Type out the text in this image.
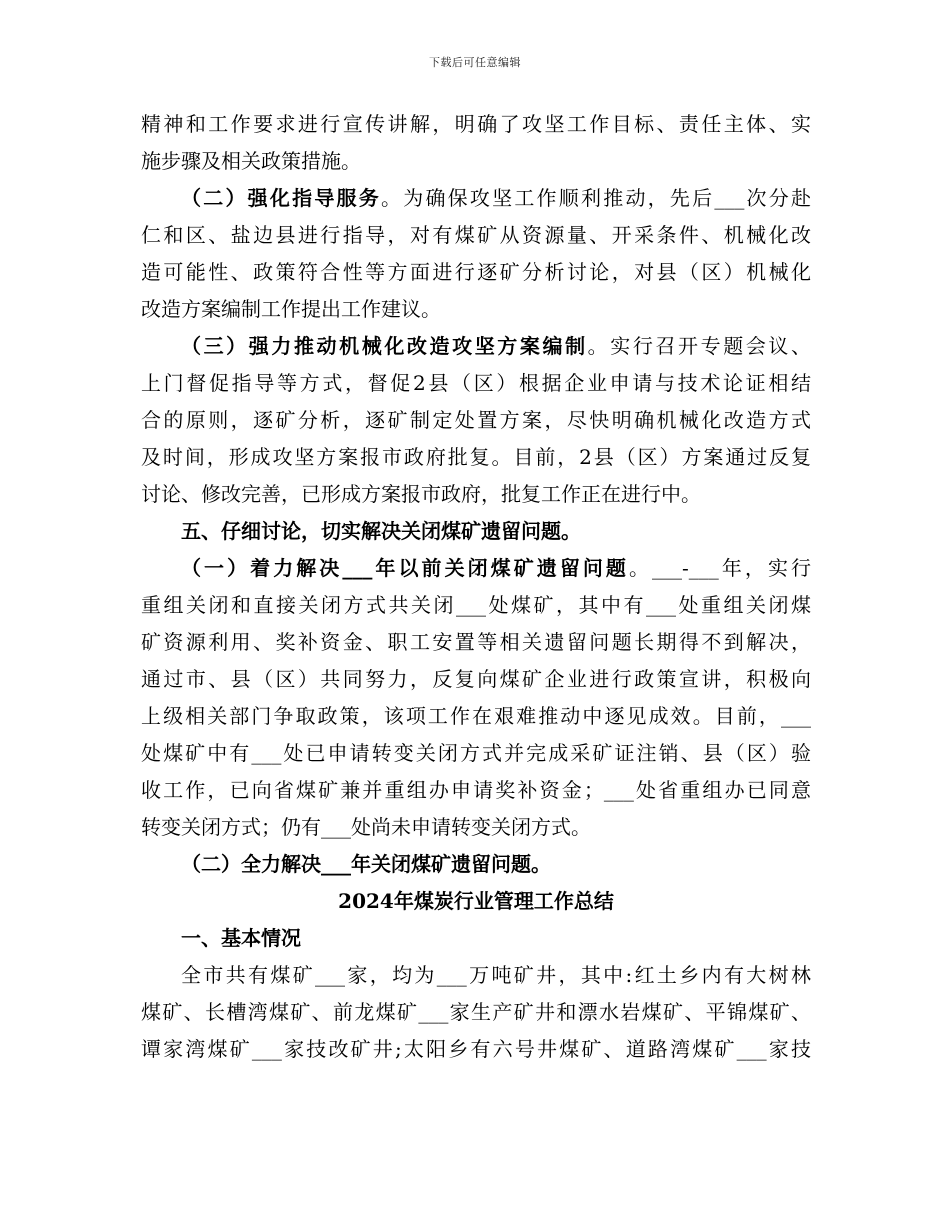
下载后可任意编辑
精神和工作要求进行宣传讲解，明确了攻坚工作目标、责任主体、实
施步骤及相关政策措施。
（二）强化指导服务。为确保攻坚工作顺利推动，先后___次分赴
仁和区、盐边县进行指导，对有煤矿从资源量、开采条件、机械化改
造可能性、政策符合性等方面进行逐矿分析讨论，对县（区）机械化
改造方案编制工作提出工作建议。
（三）强力推动机械化改造攻坚方案编制。实行召开专题会议、
上门督促指导等方式，督促2县（区）根据企业申请与技术论证相结
合的原则，逐矿分析，逐矿制定处置方案，尽快明确机械化改造方式
及时间，形成攻坚方案报市政府批复。目前，2县（区）方案通过反复
讨论、修改完善，已形成方案报市政府，批复工作正在进行中。
五、仔细讨论，切实解决关闭煤矿遗留问题。
（一）着力解决___年以前关闭煤矿遗留问题。___-___年，实行
重组关闭和直接关闭方式共关闭___处煤矿，其中有___处重组关闭煤
矿资源利用、奖补资金、职工安置等相关遗留问题长期得不到解决，
通过市、县（区）共同努力，反复向煤矿企业进行政策宣讲，积极向
上级相关部门争取政策，该项工作在艰难推动中逐见成效。目前，___
处煤矿中有___处已申请转变关闭方式并完成采矿证注销、县（区）验
收工作，已向省煤矿兼并重组办申请奖补资金；___处省重组办已同意
转变关闭方式；仍有___处尚未申请转变关闭方式。
（二）全力解决___年关闭煤矿遗留问题。
2024年煤炭行业管理工作总结
一、基本情况
全市共有煤矿___家，均为___万吨矿井，其中:红土乡内有大树林
煤矿、长槽湾煤矿、前龙煤矿___家生产矿井和漂水岩煤矿、平锦煤矿、
谭家湾煤矿___家技改矿井;太阳乡有六号井煤矿、道路湾煤矿___家技
